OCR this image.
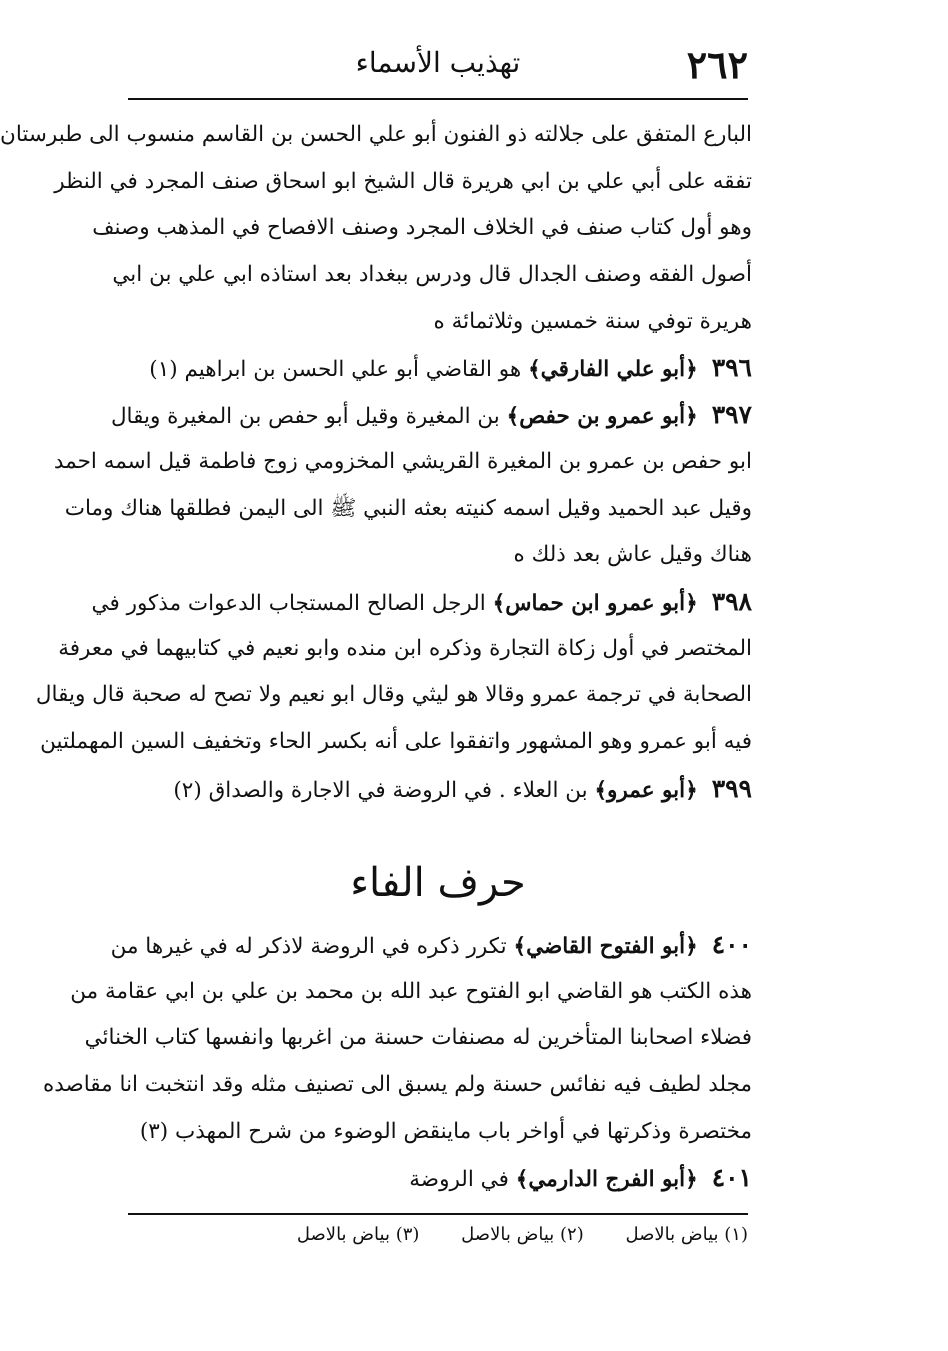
٢٦٢
تهذيب الأسماء
البارع المتفق على جلالته ذو الفنون أبو علي الحسن بن القاسم منسوب الى طبرستان
تفقه على أبي علي بن ابي هريرة قال الشيخ ابو اسحاق صنف المجرد في النظر
وهو أول كتاب صنف في الخلاف المجرد وصنف الافصاح في المذهب وصنف
أصول الفقه وصنف الجدال قال ودرس ببغداد بعد استاذه ابي علي بن ابي
هريرة توفي سنة خمسين وثلاثمائة ه
٣٩٦﴿أبو علي الفارقي﴾ هو القاضي أبو علي الحسن بن ابراهيم (١)
٣٩٧﴿أبو عمرو بن حفص﴾ بن المغيرة وقيل أبو حفص بن المغيرة ويقال
ابو حفص بن عمرو بن المغيرة القريشي المخزومي زوج فاطمة قيل اسمه احمد
وقيل عبد الحميد وقيل اسمه كنيته بعثه النبي ﷺ الى اليمن فطلقها هناك ومات
هناك وقيل عاش بعد ذلك ه
٣٩٨﴿أبو عمرو ابن حماس﴾ الرجل الصالح المستجاب الدعوات مذكور في
المختصر في أول زكاة التجارة وذكره ابن منده وابو نعيم في كتابيهما في معرفة
الصحابة في ترجمة عمرو وقالا هو ليثي وقال ابو نعيم ولا تصح له صحبة قال ويقال
فيه أبو عمرو وهو المشهور واتفقوا على أنه بكسر الحاء وتخفيف السين المهملتين
٣٩٩﴿أبو عمرو﴾ بن العلاء . في الروضة في الاجارة والصداق (٢)
حرف الفاء
٤٠٠﴿أبو الفتوح القاضي﴾ تكرر ذكره في الروضة لاذكر له في غيرها من
هذه الكتب هو القاضي ابو الفتوح عبد الله بن محمد بن علي بن ابي عقامة من
فضلاء اصحابنا المتأخرين له مصنفات حسنة من اغربها وانفسها كتاب الخنائي
مجلد لطيف فيه نفائس حسنة ولم يسبق الى تصنيف مثله وقد انتخبت انا مقاصده
مختصرة وذكرتها في أواخر باب ماينقض الوضوء من شرح المهذب (٣)
٤٠١﴿أبو الفرج الدارمي﴾ في الروضة
(١) بياض بالاصل (٢) بياض بالاصل (٣) بياض بالاصل
